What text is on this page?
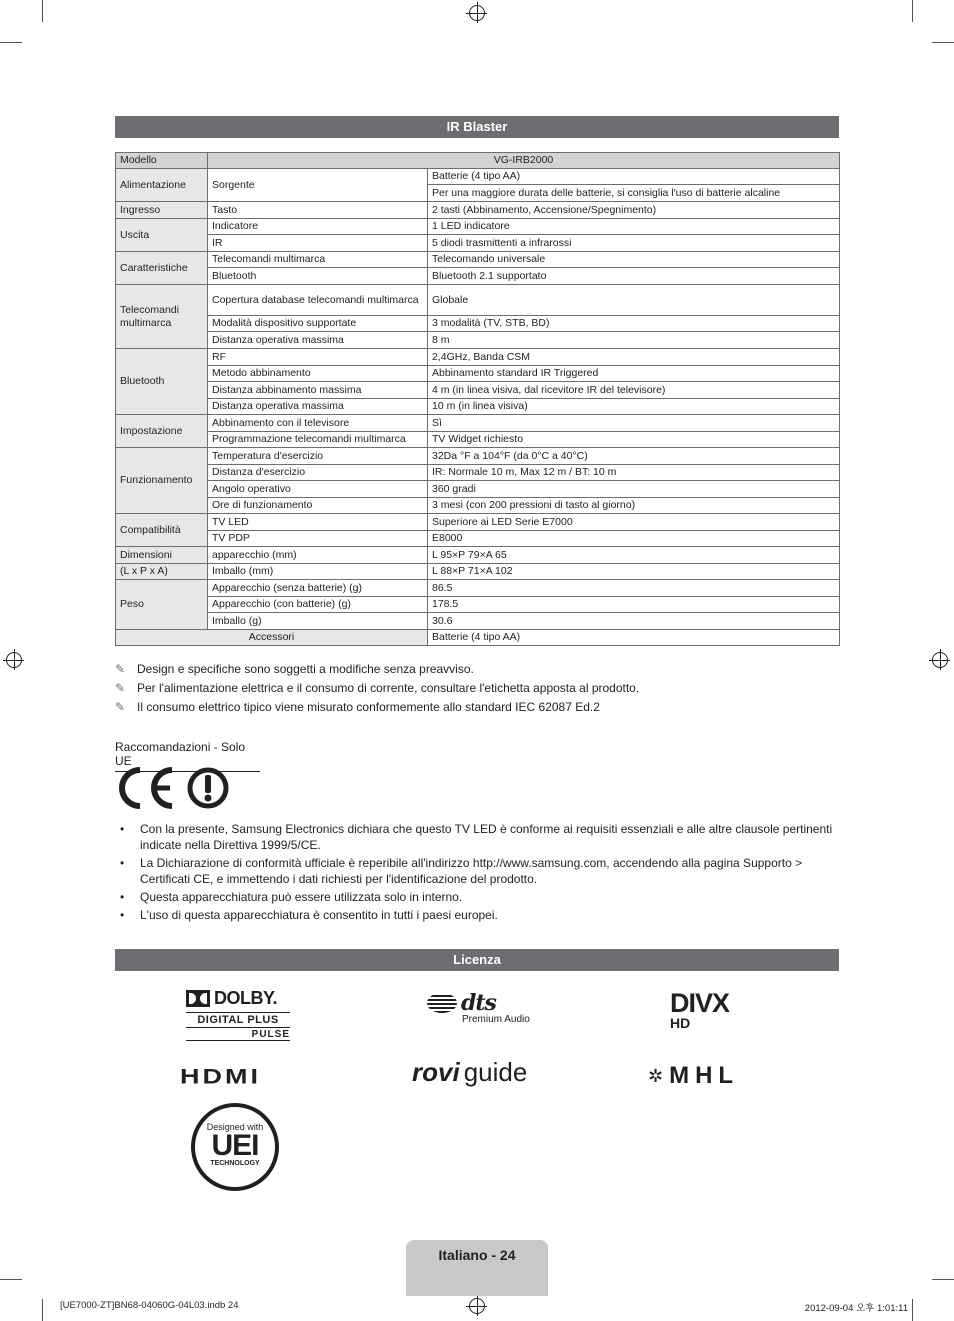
IR Blaster
Modello	VG-IRB2000	
Alimentazione	Sorgente	Batterie (4 tipo AA)
		Per una maggiore durata delle batterie, si consiglia l'uso di batterie alcaline
Ingresso	Tasto	2 tasti (Abbinamento, Accensione/Spegnimento)
Uscita	Indicatore	1 LED indicatore
	IR	5 diodi trasmittenti a infrarossi
Caratteristiche	Telecomandi multimarca	Telecomando universale
	Bluetooth	Bluetooth 2.1 supportato
Telecomandi multimarca	Copertura database telecomandi multimarca	Globale
	Modalità dispositivo supportate	3 modalità (TV, STB, BD)
	Distanza operativa massima	8 m
Bluetooth	RF	2,4GHz, Banda CSM
	Metodo abbinamento	Abbinamento standard IR Triggered
	Distanza abbinamento massima	4 m (in linea visiva, dal ricevitore IR del televisore)
	Distanza operativa massima	10 m (in linea visiva)
Impostazione	Abbinamento con il televisore	Sì
	Programmazione telecomandi multimarca	TV Widget richiesto
Funzionamento	Temperatura d'esercizio	32Da °F a 104°F (da 0°C a 40°C)
	Distanza d'esercizio	IR: Normale 10 m, Max 12 m / BT: 10 m
	Angolo operativo	360 gradi
	Ore di funzionamento	3 mesi (con 200 pressioni di tasto al giorno)
Compatibilità	TV LED	Superiore ai LED Serie E7000
	TV PDP	E8000
Dimensioni	apparecchio (mm)	L 95×P 79×A 65
(L x P x A)	Imballo (mm)	L 88×P 71×A 102
Peso	Apparecchio (senza batterie) (g)	86.5
	Apparecchio (con batterie) (g)	178.5
	Imballo (g)	30.6
Accessori		Batterie (4 tipo AA)
✎ Design e specifiche sono soggetti a modifiche senza preavviso.
✎ Per l'alimentazione elettrica e il consumo di corrente, consultare l'etichetta apposta al prodotto.
✎ Il consumo elettrico tipico viene misurato conformemente allo standard IEC 62087 Ed.2
Raccomandazioni - Solo UE
• Con la presente, Samsung Electronics dichiara che questo TV LED è conforme ai requisiti essenziali e alle altre clausole pertinenti indicate nella Direttiva 1999/5/CE.
• La Dichiarazione di conformità ufficiale è reperibile all'indirizzo http://www.samsung.com, accendendo alla pagina Supporto > Certificati CE, e immettendo i dati richiesti per l'identificazione del prodotto.
• Questa apparecchiatura può essere utilizzata solo in interno.
• L'uso di questa apparecchiatura è consentito in tutti i paesi europei.
Licenza
DOLBY.
DIGITAL PLUS
PULSE
dts
Premium Audio
DIVX
HD
HDMI	rovi guide	✲ MHL
Designed with
UEI
TECHNOLOGY
Italiano - 24
[UE7000-ZT]BN68-04060G-04L03.indb 24	2012-09-04 오후 1:01:11
